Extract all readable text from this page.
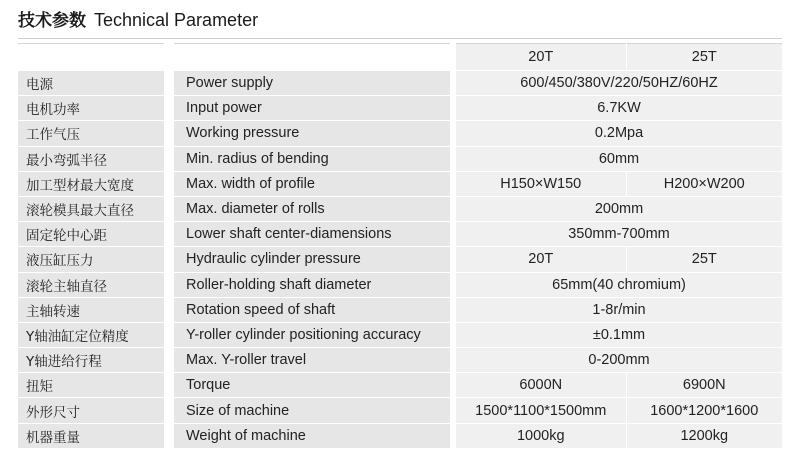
技术参数 Technical Parameter
				20T	25T
电源		Power supply		600/450/380V/220/50HZ/60HZ	
电机功率		Input power		6.7KW	
工作气压		Working pressure		0.2Mpa	
最小弯弧半径		Min. radius of bending		60mm	
加工型材最大宽度		Max. width of profile		H150×W150	H200×W200
滚轮模具最大直径		Max. diameter of rolls		200mm	
固定轮中心距		Lower shaft center-diamensions		350mm-700mm	
液压缸压力		Hydraulic cylinder pressure		20T	25T
滚轮主轴直径		Roller-holding shaft diameter		65mm(40 chromium)	
主轴转速		Rotation speed of shaft		1-8r/min	
Y轴油缸定位精度		Y-roller cylinder positioning accuracy		±0.1mm	
Y轴进给行程		Max. Y-roller travel		0-200mm	
扭矩		Torque		6000N	6900N
外形尺寸		Size of machine		1500*1100*1500mm	1600*1200*1600
机器重量		Weight of machine		1000kg	1200kg
